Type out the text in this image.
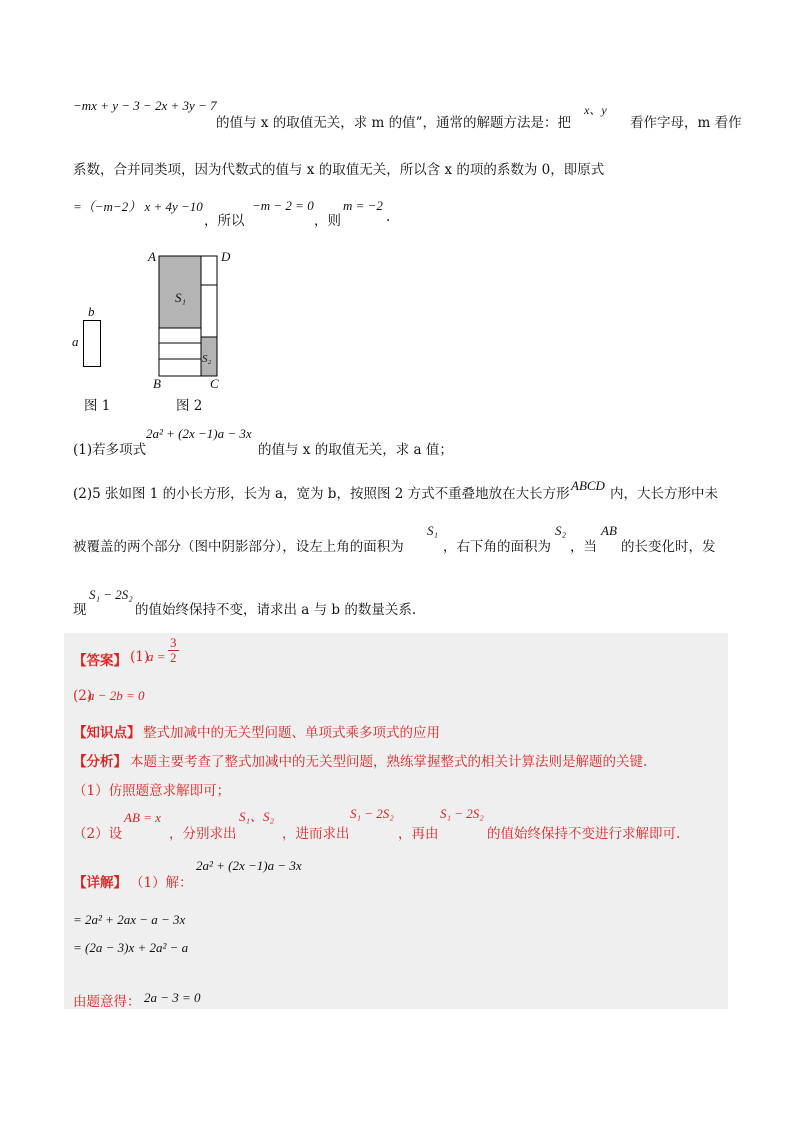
−mx + y − 3 − 2x + 3y − 7
的值与 x 的取值无关，求 m 的值”，通常的解题方法是：把
x、y
看作字母，m 看作
系数，合并同类项，因为代数式的值与 x 的取值无关，所以含 x 的项的系数为 0，即原式
=（−m−2） x + 4y −10
，所以
−m − 2 = 0
，则
m = −2
.
b
a
图 1
A	D
B	C
S₁
S₂
图 2
(1)若多项式
2a² + (2x −1)a − 3x
的值与 x 的取值无关，求 a 值；
(2)5 张如图 1 的小长方形，长为 a，宽为 b，按照图 2 方式不重叠地放在大长方形
ABCD
内，大长方形中未
被覆盖的两个部分（图中阴影部分），设左上角的面积为
S₁
，右下角的面积为
S₂
，当
AB
的长变化时，发
S₁ − 2S₂
现	的值始终保持不变，请求出 a 与 b 的数量关系.
【答案】 (1)
$a = \frac{3}{2}$
(2)
a − 2b = 0
【知识点】 整式加减中的无关型问题、单项式乘多项式的应用
【分析】 本题主要考查了整式加减中的无关型问题，熟练掌握整式的相关计算法则是解题的关键.
（1）仿照题意求解即可；
（2）设
AB = x
，分别求出
S₁、S₂
，进而求出
S₁ − 2S₂
，再由
S₁ − 2S₂
的值始终保持不变进行求解即可.
【详解】 （1）解：
2a² + (2x −1)a − 3x
= 2a² + 2ax − a − 3x
= (2a − 3)x + 2a² − a
由题意得： 2a − 3 = 0
